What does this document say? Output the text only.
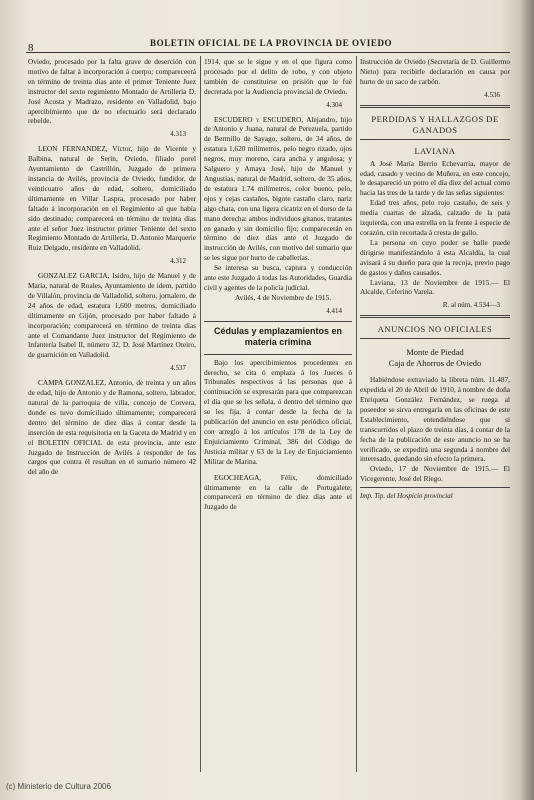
8	BOLETIN OFICIAL DE LA PROVINCIA DE OVIEDO

Oviedo, procesado por la falta grave de deserción con motivo de faltar á incorporación á cuerpo; compareceerá en término de treinta días ante el primer Teniente Juez instructor del sexto regimiento Montado de Artillería D. José Acosta y Madrazo, residente en Valladolid, bajo apercibimiento que de no efectuarlo será declarado rebelde.

4.313

LEON FERNANDEZ, Víctor, hijo de Vicente y Balbina, natural de Serín, Oviedo, filiado porel Ayuntamiento de Castrillón, Juzgado de primera instancia de Avilés, provincia de Oviedo, fundidor, de veinticuatro años de edad, soltero, domiciliado últimamente en Villar Laspra, procesado por haber faltado á incorporación en el Regimiento al que había sido destinado; comparecerá en término de treinta días ante el señor Juez instructor primer Teniente del sexto Regimiento Montado de Artillería, D. Antonio Marquerie Ruiz Delgado, residente en Valladolid.

4.312

GONZALEZ GARCIA, Isidro, hijo de Manuel y de María, natural de Roales, Ayuntamiento de idem, partido de Villalón, provincia de Valladolid, soltero, jornalero, de 24 años de edad, estatura 1,600 metros, domiciliado últimamente en Gijón, procesado por haber faltado á incorporación; comparecerá en término de treinta días ante el Comandante Juez instructor del Regimiento de Infantería Isabel II, número 32, D. José Martínez Oteiro, de guarnición en Valladolid.

4.537

CAMPA GONZALEZ, Antonio, de treinta y un años de edad, hijo de Antonio y de Ramona, soltero, labrador, natural de la parroquia de villa, concejo de Corvera, donde es tuvo domiciliado últimamente; comparecerá dentro del término de diez días á contar desde la inserción de esta requisitoria en la Gaceta de Madrid y en el BOLETIN OFICIAL de esta provincia, ante este Juzgado de Instrucción de Avilés á responder de los cargos que contra él resultan en el sumario número 42 del año de

1914, que se le sigue y en el que figura como procesado por el delito de robo, y con objeto también de constituirse en prisión que le fué decretada por la Audiencia provincial de Oviedo.

4.304

ESCUDERO y ESCUDERO, Alejandro, hijo de Antonio y Juana, natural de Perezuela, partido de Bermillo de Sayago, soltero, de 34 años, de estatura 1,620 milímetros, pelo negro rizado, ojos negros, muy moreno, cara ancha y angulosa; y Salguero y Amaya José, hijo de Manuel y Angustias, natural de Madrid, soltero, de 35 años, de estatura 1.74 milímetros, color bueno, pelo, ojos y cejas castaños, bigote castaño claro, nariz algo chata, con una ligera cicatriz en el dorso de la mano derecha: ambos individuos gitanos, tratantes en ganado y sin domicilio fijo; comparecerán en término de diez días ante el Juzgado de instrucción de Avilés, con motivo del sumario que se les sigue por hurto de caballerías.

Se interesa su busca, captura y conducción ante este Juzgado á todas las Autoridades, Guardia civil y agentes de la policía judicial.

Avilés, 4 de Noviembre de 1915.

4.414
Cédulas y emplazamientos en materia crimina

Bajo los apercibimientos procedentes en derecho, se cita ó emplaza á los Jueces ó Tribunales respectivos á las personas que á continuación se expresarán para que comparezcan el día que se les señala, ó dentro del término que se les fija, á contar desde la fecha de la publicación del anuncio en este periódico oficial, con arreglo á los artículos 178 de la Ley de Enjuiciamiento Criminal, 386 del Código de Justicia militar y 63 de la Ley de Enjuiciamiento Militar de Marina.

EGOCHEAGA,	Félix, domiciliado últimamente en la calle de Portugalete; comparecerá en término de diez días ante el Juzgado de

Instrucción de Oviedo (Secretaría de D. Guillermo Nieto) para recibirle declaración en causa por hurto de un saco de carbón.

4.536
PERDIDAS Y HALLAZGOS DE GANADOS
LAVIANA

A José María Berrio Echevarría, mayor de edad, casado y vecino de Muñera, en este concejo, le desapareció un potro el día diez del actual como hacia las tres de la tarde y de las señas siguientes:

Edad tres años, pelo rojo castaño, de seis y media cuartas de alzada, calzado de la pata izquierda, con una estrella en la frente á especie de corazón, crin recortada á cresta de gallo.

La persona en cuyo poder se halle puede dirigirse manifestándolo á esta Alcaldía, la cual avisará á su dueño para que la recoja, previo pago de gastos y daños causados.

Laviana, 13 de Noviembre de 1915.— El Alcalde, Ceferino Varela.

R. al núm. 4.534—3
ANUNCIOS NO OFICIALES
Monte de Piedad
Caja de Ahorros de Oviedo

Habiéndose extraviado la libreta núm. 11.487, expedida el 20 de Abril de 1910, á nombre de doña Enriqueta González Fernández, se ruega al poseedor se sirva entregarla en las oficinas de este Establecimiento, entendiéndose que si transcurridos el plazo de treinta días, á contar de la fecha de la publicación de este anuncio no se ha verificado, se expedirá una segunda á nombre del interesado, quedando sin efecto la primera.

Oviedo, 17 de Noviembre de 1915.— El Vicegerente, José del Riego.

Imp. Tip. del Hospicio provincial
(c) Ministerio de Cultura 2006
